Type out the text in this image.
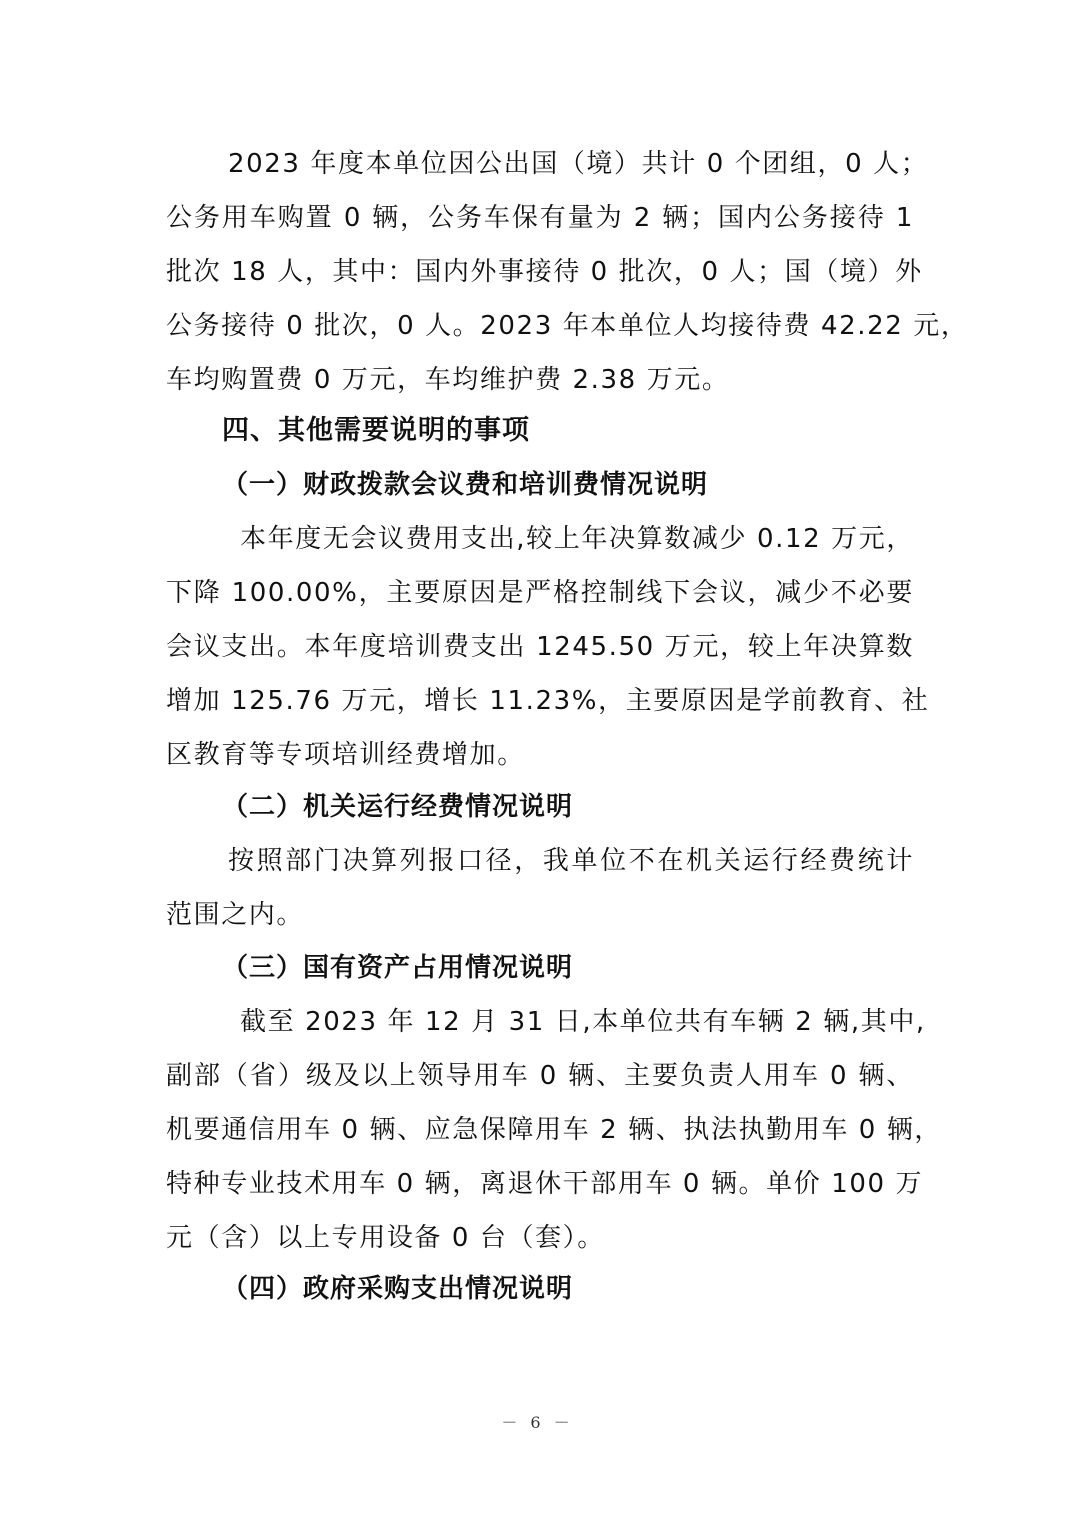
2023 年度本单位因公出国（境）共计 0 个团组，0 人；
公务用车购置 0 辆，公务车保有量为 2 辆；国内公务接待 1
批次 18 人，其中：国内外事接待 0 批次，0 人；国（境）外
公务接待 0 批次，0 人。2023 年本单位人均接待费 42.22 元，
车均购置费 0 万元，车均维护费 2.38 万元。
四、其他需要说明的事项
（一）财政拨款会议费和培训费情况说明
本年度无会议费用支出,较上年决算数减少 0.12 万元，
下降 100.00%，主要原因是严格控制线下会议，减少不必要
会议支出。本年度培训费支出 1245.50 万元，较上年决算数
增加 125.76 万元，增长 11.23%，主要原因是学前教育、社
区教育等专项培训经费增加。
（二）机关运行经费情况说明
按照部门决算列报口径，我单位不在机关运行经费统计
范围之内。
（三）国有资产占用情况说明
截至 2023 年 12 月 31 日,本单位共有车辆 2 辆,其中,
副部（省）级及以上领导用车 0 辆、主要负责人用车 0 辆、
机要通信用车 0 辆、应急保障用车 2 辆、执法执勤用车 0 辆，
特种专业技术用车 0 辆，离退休干部用车 0 辆。单价 100 万
元（含）以上专用设备 0 台（套）。
（四）政府采购支出情况说明
－ 6 －
